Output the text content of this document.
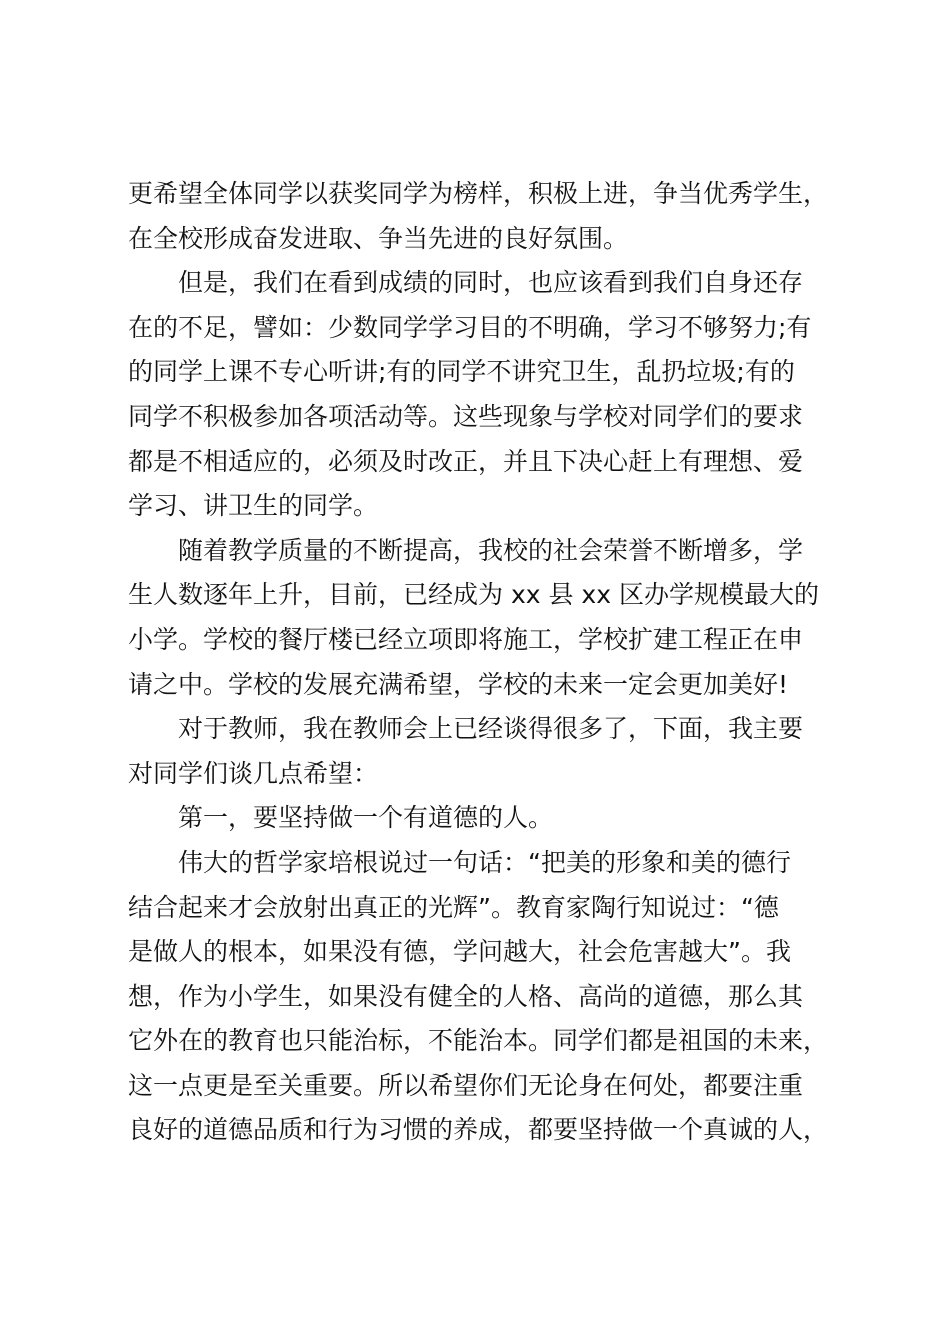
更希望全体同学以获奖同学为榜样，积极上进，争当优秀学生，
在全校形成奋发进取、争当先进的良好氛围。
但是，我们在看到成绩的同时，也应该看到我们自身还存
在的不足，譬如：少数同学学习目的不明确，学习不够努力;有
的同学上课不专心听讲;有的同学不讲究卫生，乱扔垃圾;有的
同学不积极参加各项活动等。这些现象与学校对同学们的要求
都是不相适应的，必须及时改正，并且下决心赶上有理想、爱
学习、讲卫生的同学。
随着教学质量的不断提高，我校的社会荣誉不断增多，学
生人数逐年上升，目前，已经成为 xx 县 xx 区办学规模最大的
小学。学校的餐厅楼已经立项即将施工，学校扩建工程正在申
请之中。学校的发展充满希望，学校的未来一定会更加美好!
对于教师，我在教师会上已经谈得很多了，下面，我主要
对同学们谈几点希望：
第一，要坚持做一个有道德的人。
伟大的哲学家培根说过一句话：“把美的形象和美的德行
结合起来才会放射出真正的光辉”。教育家陶行知说过：“德
是做人的根本，如果没有德，学问越大，社会危害越大”。我
想，作为小学生，如果没有健全的人格、高尚的道德，那么其
它外在的教育也只能治标，不能治本。同学们都是祖国的未来，
这一点更是至关重要。所以希望你们无论身在何处，都要注重
良好的道德品质和行为习惯的养成，都要坚持做一个真诚的人，
